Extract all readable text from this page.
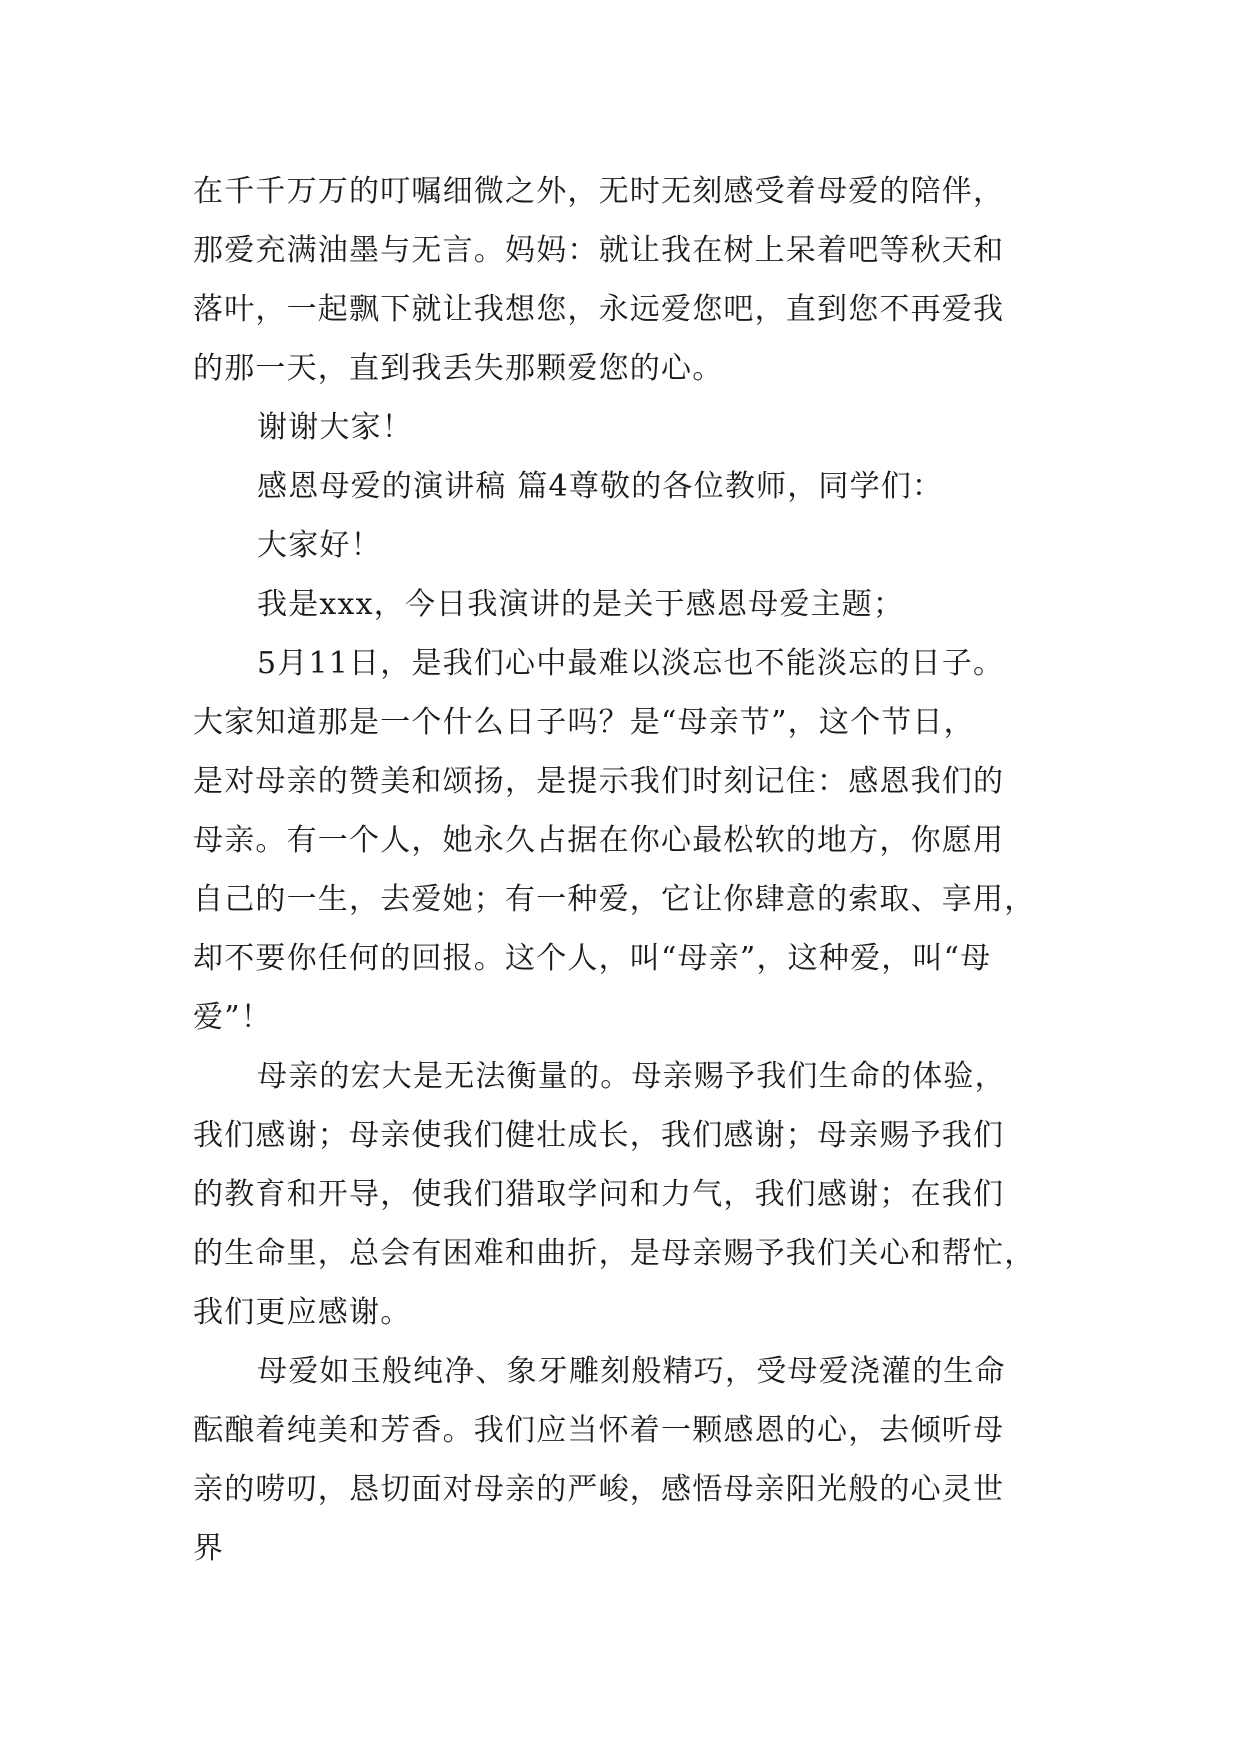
在千千万万的叮嘱细微之外，无时无刻感受着母爱的陪伴，
那爱充满油墨与无言。妈妈：就让我在树上呆着吧等秋天和
落叶，一起飘下就让我想您，永远爱您吧，直到您不再爱我
的那一天，直到我丢失那颗爱您的心。
谢谢大家！
感恩母爱的演讲稿 篇4尊敬的各位教师，同学们：
大家好！
我是xxx，今日我演讲的是关于感恩母爱主题；
5月11日，是我们心中最难以淡忘也不能淡忘的日子。
大家知道那是一个什么日子吗？是“母亲节”，这个节日，
是对母亲的赞美和颂扬，是提示我们时刻记住：感恩我们的
母亲。有一个人，她永久占据在你心最松软的地方，你愿用
自己的一生，去爱她；有一种爱，它让你肆意的索取、享用，
却不要你任何的回报。这个人，叫“母亲”，这种爱，叫“母
爱”！
母亲的宏大是无法衡量的。母亲赐予我们生命的体验，
我们感谢；母亲使我们健壮成长，我们感谢；母亲赐予我们
的教育和开导，使我们猎取学问和力气，我们感谢；在我们
的生命里，总会有困难和曲折，是母亲赐予我们关心和帮忙，
我们更应感谢。
母爱如玉般纯净、象牙雕刻般精巧，受母爱浇灌的生命
酝酿着纯美和芳香。我们应当怀着一颗感恩的心，去倾听母
亲的唠叨，恳切面对母亲的严峻，感悟母亲阳光般的心灵世
界
